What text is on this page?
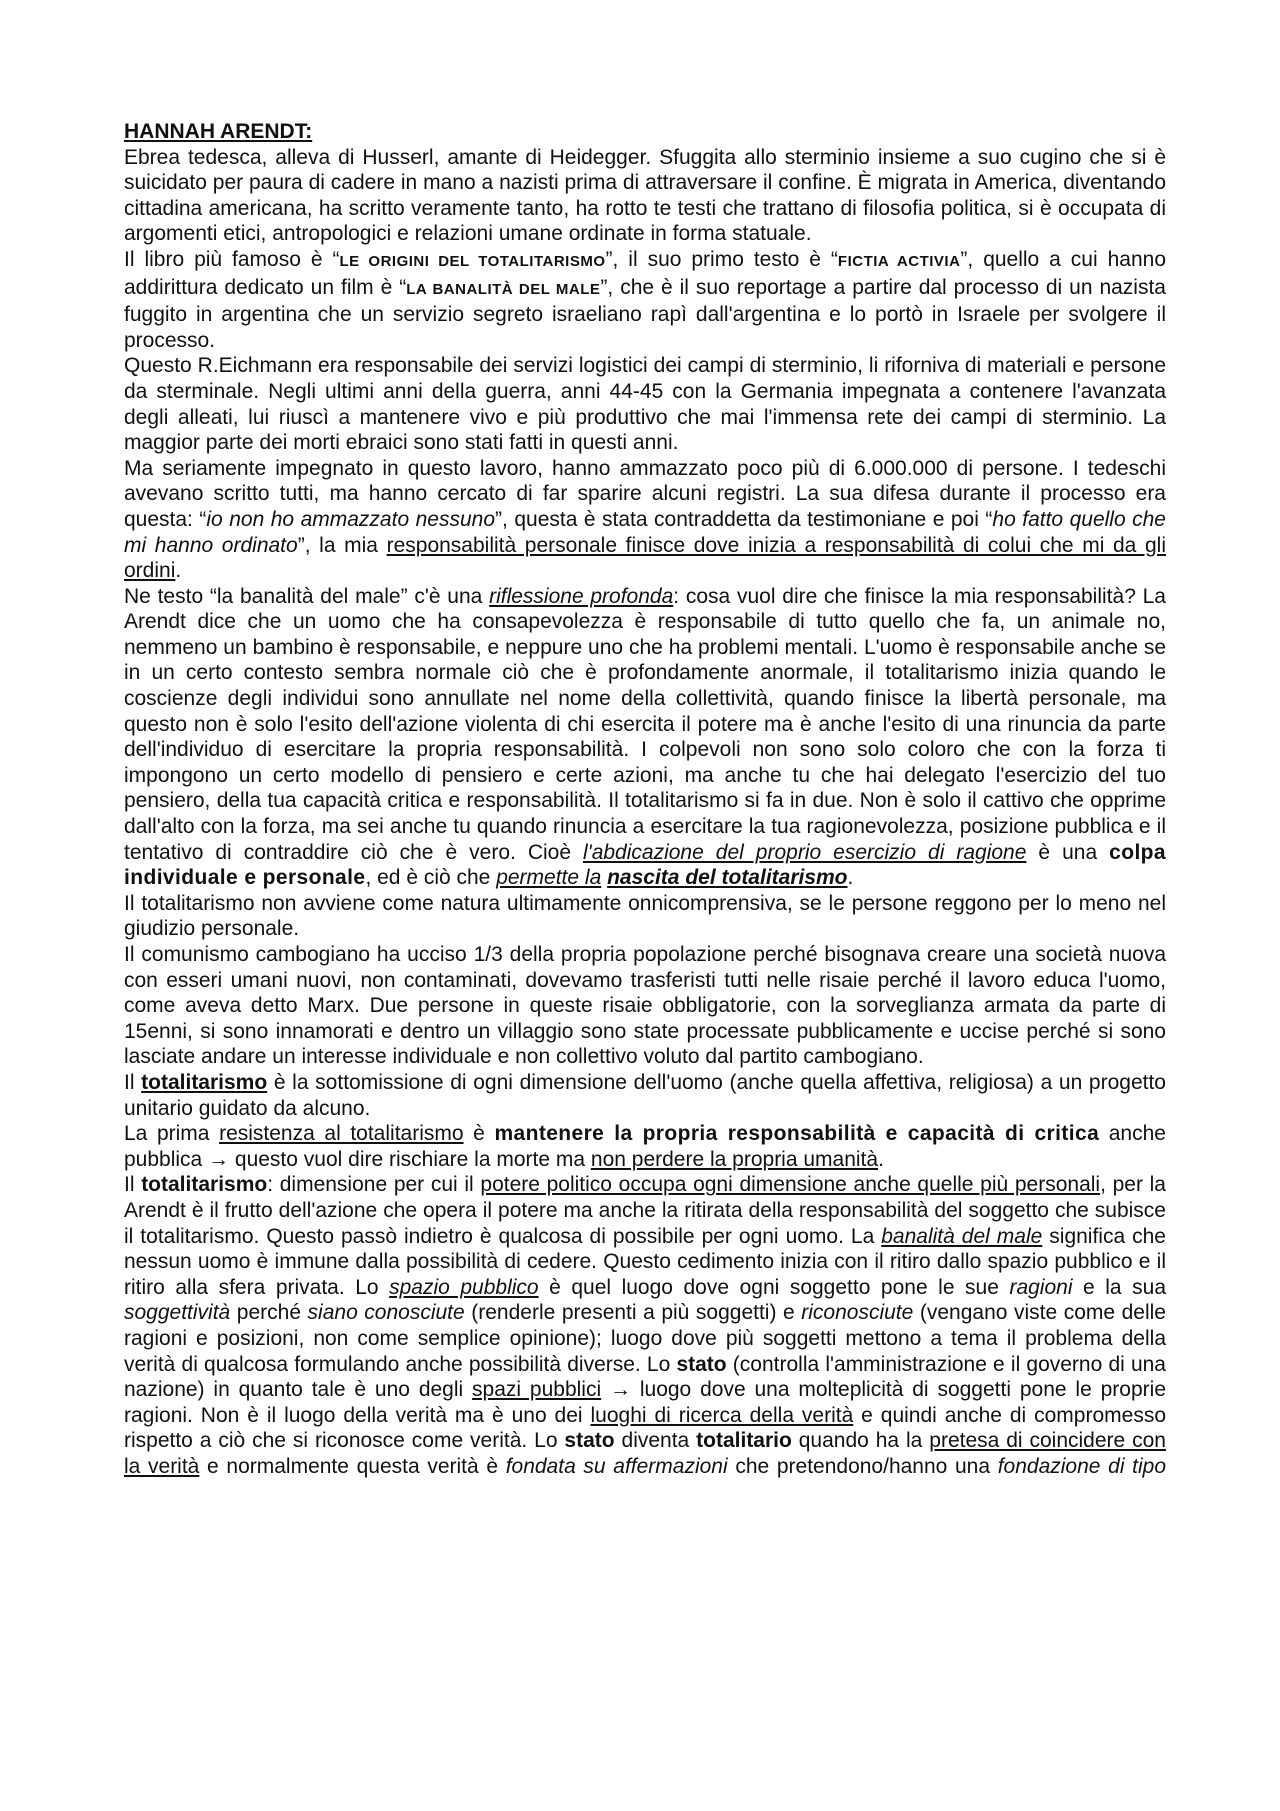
HANNAH ARENDT:

Ebrea tedesca, alleva di Husserl, amante di Heidegger. Sfuggita allo sterminio insieme a suo cugino che si è suicidato per paura di cadere in mano a nazisti prima di attraversare il confine. È migrata in America, diventando cittadina americana, ha scritto veramente tanto, ha rotto te testi che trattano di filosofia politica, si è occupata di argomenti etici, antropologici e relazioni umane ordinate in forma statuale.

Il libro più famoso è “LE ORIGINI DEL TOTALITARISMO”, il suo primo testo è “FICTIA ACTIVIA”, quello a cui hanno addirittura dedicato un film è “LA BANALITÀ DEL MALE”, che è il suo reportage a partire dal processo di un nazista fuggito in argentina che un servizio segreto israeliano rapì dall'argentina e lo portò in Israele per svolgere il processo.

Questo R.Eichmann era responsabile dei servizi logistici dei campi di sterminio, li riforniva di materiali e persone da sterminale. Negli ultimi anni della guerra, anni 44-45 con la Germania impegnata a contenere l'avanzata degli alleati, lui riuscì a mantenere vivo e più produttivo che mai l'immensa rete dei campi di sterminio. La maggior parte dei morti ebraici sono stati fatti in questi anni.

Ma seriamente impegnato in questo lavoro, hanno ammazzato poco più di 6.000.000 di persone. I tedeschi avevano scritto tutti, ma hanno cercato di far sparire alcuni registri. La sua difesa durante il processo era questa: “io non ho ammazzato nessuno”, questa è stata contraddetta da testimoniane e poi “ho fatto quello che mi hanno ordinato”, la mia responsabilità personale finisce dove inizia a responsabilità di colui che mi da gli ordini.

Ne testo “la banalità del male” c'è una riflessione profonda: cosa vuol dire che finisce la mia responsabilità? La Arendt dice che un uomo che ha consapevolezza è responsabile di tutto quello che fa, un animale no, nemmeno un bambino è responsabile, e neppure uno che ha problemi mentali. L'uomo è responsabile anche se in un certo contesto sembra normale ciò che è profondamente anormale, il totalitarismo inizia quando le coscienze degli individui sono annullate nel nome della collettività, quando finisce la libertà personale, ma questo non è solo l'esito dell'azione violenta di chi esercita il potere ma è anche l'esito di una rinuncia da parte dell'individuo di esercitare la propria responsabilità. I colpevoli non sono solo coloro che con la forza ti impongono un certo modello di pensiero e certe azioni, ma anche tu che hai delegato l'esercizio del tuo pensiero, della tua capacità critica e responsabilità. Il totalitarismo si fa in due. Non è solo il cattivo che opprime dall'alto con la forza, ma sei anche tu quando rinuncia a esercitare la tua ragionevolezza, posizione pubblica e il tentativo di contraddire ciò che è vero. Cioè l'abdicazione del proprio esercizio di ragione è una colpa individuale e personale, ed è ciò che permette la nascita del totalitarismo.

Il totalitarismo non avviene come natura ultimamente onnicomprensiva, se le persone reggono per lo meno nel giudizio personale.

Il comunismo cambogiano ha ucciso 1/3 della propria popolazione perché bisognava creare una società nuova con esseri umani nuovi, non contaminati, dovevamo trasferisti tutti nelle risaie perché il lavoro educa l'uomo, come aveva detto Marx. Due persone in queste risaie obbligatorie, con la sorveglianza armata da parte di 15enni, si sono innamorati e dentro un villaggio sono state processate pubblicamente e uccise perché si sono lasciate andare un interesse individuale e non collettivo voluto dal partito cambogiano.

Il totalitarismo è la sottomissione di ogni dimensione dell'uomo (anche quella affettiva, religiosa) a un progetto unitario guidato da alcuno.

La prima resistenza al totalitarismo è mantenere la propria responsabilità e capacità di critica anche pubblica → questo vuol dire rischiare la morte ma non perdere la propria umanità.

Il totalitarismo: dimensione per cui il potere politico occupa ogni dimensione anche quelle più personali, per la Arendt è il frutto dell'azione che opera il potere ma anche la ritirata della responsabilità del soggetto che subisce il totalitarismo. Questo passò indietro è qualcosa di possibile per ogni uomo. La banalità del male significa che nessun uomo è immune dalla possibilità di cedere. Questo cedimento inizia con il ritiro dallo spazio pubblico e il ritiro alla sfera privata. Lo spazio pubblico è quel luogo dove ogni soggetto pone le sue ragioni e la sua soggettività perché siano conosciute (renderle presenti a più soggetti) e riconosciute (vengano viste come delle ragioni e posizioni, non come semplice opinione); luogo dove più soggetti mettono a tema il problema della verità di qualcosa formulando anche possibilità diverse. Lo stato (controlla l'amministrazione e il governo di una nazione) in quanto tale è uno degli spazi pubblici → luogo dove una molteplicità di soggetti pone le proprie ragioni. Non è il luogo della verità ma è uno dei luoghi di ricerca della verità e quindi anche di compromesso rispetto a ciò che si riconosce come verità. Lo stato diventa totalitario quando ha la pretesa di coincidere con la verità e normalmente questa verità è fondata su affermazioni che pretendono/hanno una fondazione di tipo
